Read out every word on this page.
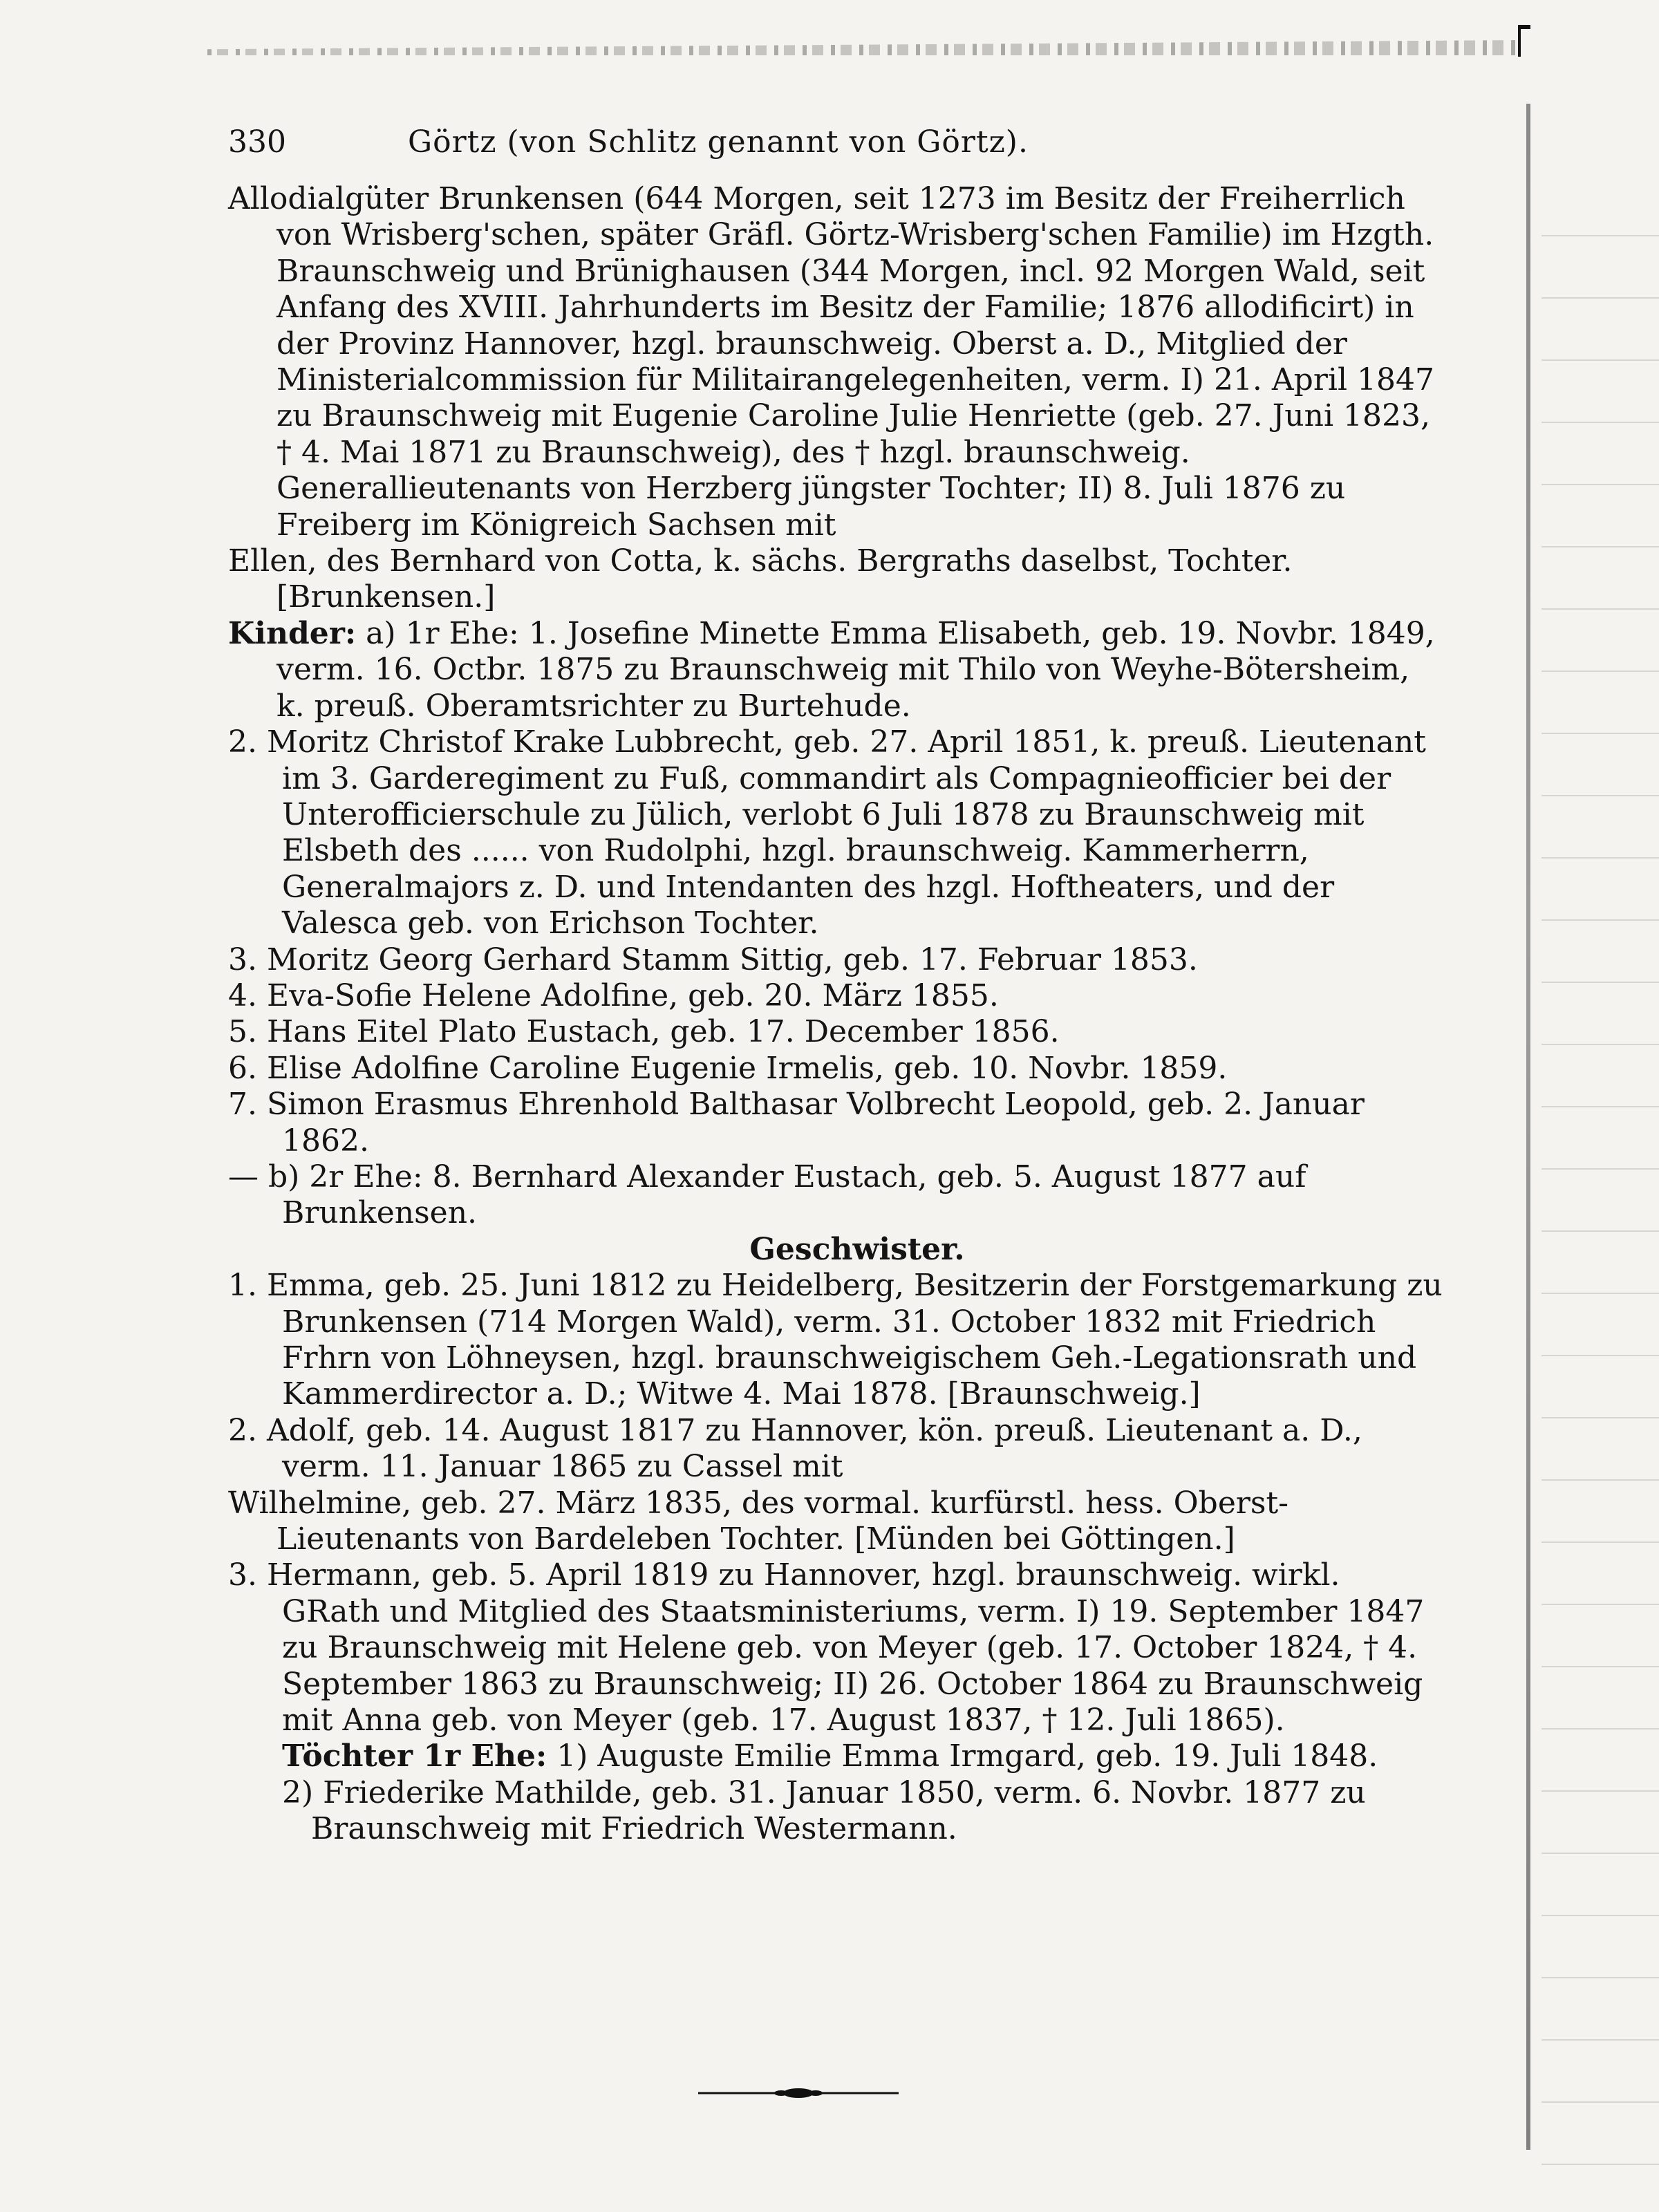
330	Görtz (von Schlitz genannt von Görtz).

Allodialgüter Brunkensen (644 Morgen, seit 1273 im Besitz der Freiherrlich von Wrisberg'schen, später Gräfl. Görtz-Wrisberg'schen Familie) im Hzgth. Braunschweig und Brünighausen (344 Morgen, incl. 92 Morgen Wald, seit Anfang des XVIII. Jahrhunderts im Besitz der Familie; 1876 allodificirt) in der Provinz Hannover, hzgl. braunschweig. Oberst a. D., Mitglied der Ministerialcommission für Militairangelegenheiten, verm. I) 21. April 1847 zu Braunschweig mit Eugenie Caroline Julie Henriette (geb. 27. Juni 1823, † 4. Mai 1871 zu Braunschweig), des † hzgl. braunschweig. Generallieutenants von Herzberg jüngster Tochter; II) 8. Juli 1876 zu Freiberg im Königreich Sachsen mit

Ellen, des Bernhard von Cotta, k. sächs. Bergraths daselbst, Tochter. [Brunkensen.]

Kinder: a) 1r Ehe: 1. Josefine Minette Emma Elisabeth, geb. 19. Novbr. 1849, verm. 16. Octbr. 1875 zu Braunschweig mit Thilo von Weyhe-Bötersheim, k. preuß. Oberamtsrichter zu Burtehude.

2. Moritz Christof Krake Lubbrecht, geb. 27. April 1851, k. preuß. Lieutenant im 3. Garderegiment zu Fuß, commandirt als Compagnieofficier bei der Unterofficierschule zu Jülich, verlobt 6 Juli 1878 zu Braunschweig mit Elsbeth des ...... von Rudolphi, hzgl. braunschweig. Kammerherrn, Generalmajors z. D. und Intendanten des hzgl. Hoftheaters, und der Valesca geb. von Erichson Tochter.

3. Moritz Georg Gerhard Stamm Sittig, geb. 17. Februar 1853.

4. Eva-Sofie Helene Adolfine, geb. 20. März 1855.

5. Hans Eitel Plato Eustach, geb. 17. December 1856.

6. Elise Adolfine Caroline Eugenie Irmelis, geb. 10. Novbr. 1859.

7. Simon Erasmus Ehrenhold Balthasar Volbrecht Leopold, geb. 2. Januar 1862.

— b) 2r Ehe: 8. Bernhard Alexander Eustach, geb. 5. August 1877 auf Brunkensen.

Geschwister.

1. Emma, geb. 25. Juni 1812 zu Heidelberg, Besitzerin der Forstgemarkung zu Brunkensen (714 Morgen Wald), verm. 31. October 1832 mit Friedrich Frhrn von Löhneysen, hzgl. braunschweigischem Geh.-Legationsrath und Kammerdirector a. D.; Witwe 4. Mai 1878. [Braunschweig.]

2. Adolf, geb. 14. August 1817 zu Hannover, kön. preuß. Lieutenant a. D., verm. 11. Januar 1865 zu Cassel mit

Wilhelmine, geb. 27. März 1835, des vormal. kurfürstl. hess. Oberst-Lieutenants von Bardeleben Tochter. [Münden bei Göttingen.]

3. Hermann, geb. 5. April 1819 zu Hannover, hzgl. braunschweig. wirkl. GRath und Mitglied des Staatsministeriums, verm. I) 19. September 1847 zu Braunschweig mit Helene geb. von Meyer (geb. 17. October 1824, † 4. September 1863 zu Braunschweig; II) 26. October 1864 zu Braunschweig mit Anna geb. von Meyer (geb. 17. August 1837, † 12. Juli 1865).

Töchter 1r Ehe: 1) Auguste Emilie Emma Irmgard, geb. 19. Juli 1848.

2) Friederike Mathilde, geb. 31. Januar 1850, verm. 6. Novbr. 1877 zu Braunschweig mit Friedrich Westermann.
